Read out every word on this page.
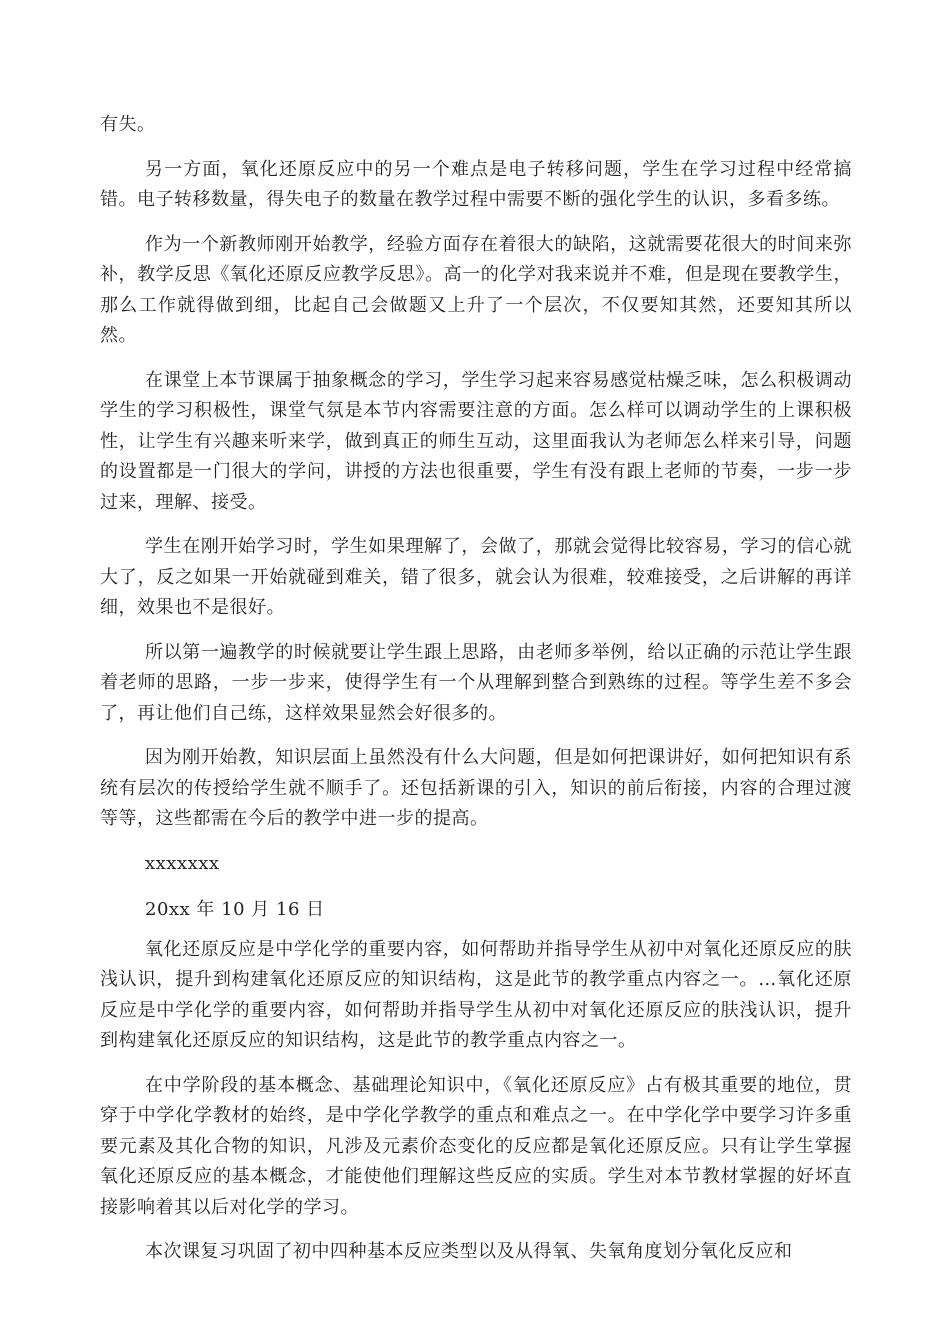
有失。

另一方面，氧化还原反应中的另一个难点是电子转移问题，学生在学习过程中经常搞错。电子转移数量，得失电子的数量在教学过程中需要不断的强化学生的认识，多看多练。

作为一个新教师刚开始教学，经验方面存在着很大的缺陷，这就需要花很大的时间来弥补，教学反思《氧化还原反应教学反思》。高一的化学对我来说并不难，但是现在要教学生，那么工作就得做到细，比起自己会做题又上升了一个层次，不仅要知其然，还要知其所以然。

在课堂上本节课属于抽象概念的学习，学生学习起来容易感觉枯燥乏味，怎么积极调动学生的学习积极性，课堂气氛是本节内容需要注意的方面。怎么样可以调动学生的上课积极性，让学生有兴趣来听来学，做到真正的师生互动，这里面我认为老师怎么样来引导，问题的设置都是一门很大的学问，讲授的方法也很重要，学生有没有跟上老师的节奏，一步一步过来，理解、接受。

学生在刚开始学习时，学生如果理解了，会做了，那就会觉得比较容易，学习的信心就大了，反之如果一开始就碰到难关，错了很多，就会认为很难，较难接受，之后讲解的再详细，效果也不是很好。

所以第一遍教学的时候就要让学生跟上思路，由老师多举例，给以正确的示范让学生跟着老师的思路，一步一步来，使得学生有一个从理解到整合到熟练的过程。等学生差不多会了，再让他们自己练，这样效果显然会好很多的。

因为刚开始教，知识层面上虽然没有什么大问题，但是如何把课讲好，如何把知识有系统有层次的传授给学生就不顺手了。还包括新课的引入，知识的前后衔接，内容的合理过渡等等，这些都需在今后的教学中进一步的提高。

xxxxxxx

20xx 年 10 月 16 日

氧化还原反应是中学化学的重要内容，如何帮助并指导学生从初中对氧化还原反应的肤浅认识，提升到构建氧化还原反应的知识结构，这是此节的教学重点内容之一。…氧化还原反应是中学化学的重要内容，如何帮助并指导学生从初中对氧化还原反应的肤浅认识，提升到构建氧化还原反应的知识结构，这是此节的教学重点内容之一。

在中学阶段的基本概念、基础理论知识中，《氧化还原反应》占有极其重要的地位，贯穿于中学化学教材的始终，是中学化学教学的重点和难点之一。在中学化学中要学习许多重要元素及其化合物的知识，凡涉及元素价态变化的反应都是氧化还原反应。只有让学生掌握氧化还原反应的基本概念，才能使他们理解这些反应的实质。学生对本节教材掌握的好坏直接影响着其以后对化学的学习。

本次课复习巩固了初中四种基本反应类型以及从得氧、失氧角度划分氧化反应和
